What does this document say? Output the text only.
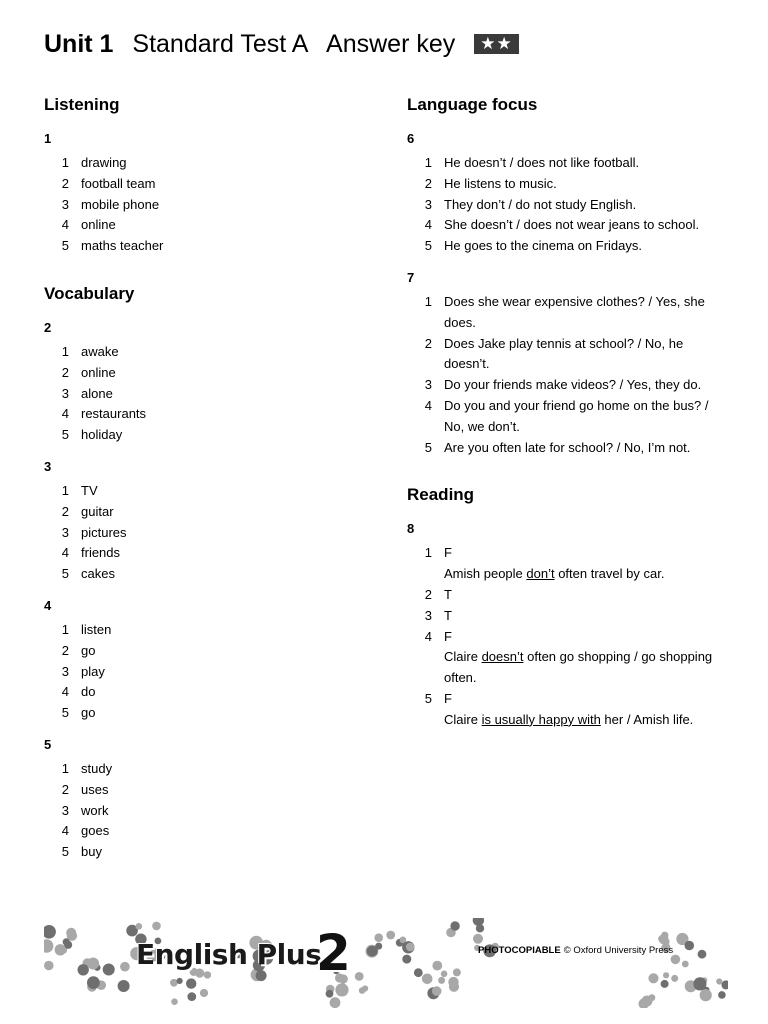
Unit 1 Standard Test A Answer key ★★
Listening
1
1 drawing
2 football team
3 mobile phone
4 online
5 maths teacher
Vocabulary
2
1 awake
2 online
3 alone
4 restaurants
5 holiday
3
1 TV
2 guitar
3 pictures
4 friends
5 cakes
4
1 listen
2 go
3 play
4 do
5 go
5
1 study
2 uses
3 work
4 goes
5 buy
Language focus
6
1 He doesn’t / does not like football.
2 He listens to music.
3 They don’t / do not study English.
4 She doesn’t / does not wear jeans to school.
5 He goes to the cinema on Fridays.
7
1 Does she wear expensive clothes? / Yes, she does.
2 Does Jake play tennis at school? / No, he doesn’t.
3 Do your friends make videos? / Yes, they do.
4 Do you and your friend go home on the bus? / No, we don’t.
5 Are you often late for school? / No, I’m not.
Reading
8
1 F
Amish people don’t often travel by car.
2 T
3 T
4 F
Claire doesn’t often go shopping / go shopping often.
5 F
Claire is usually happy with her / Amish life.
English Plus
2	PHOTOCOPIABLE © Oxford University Press
